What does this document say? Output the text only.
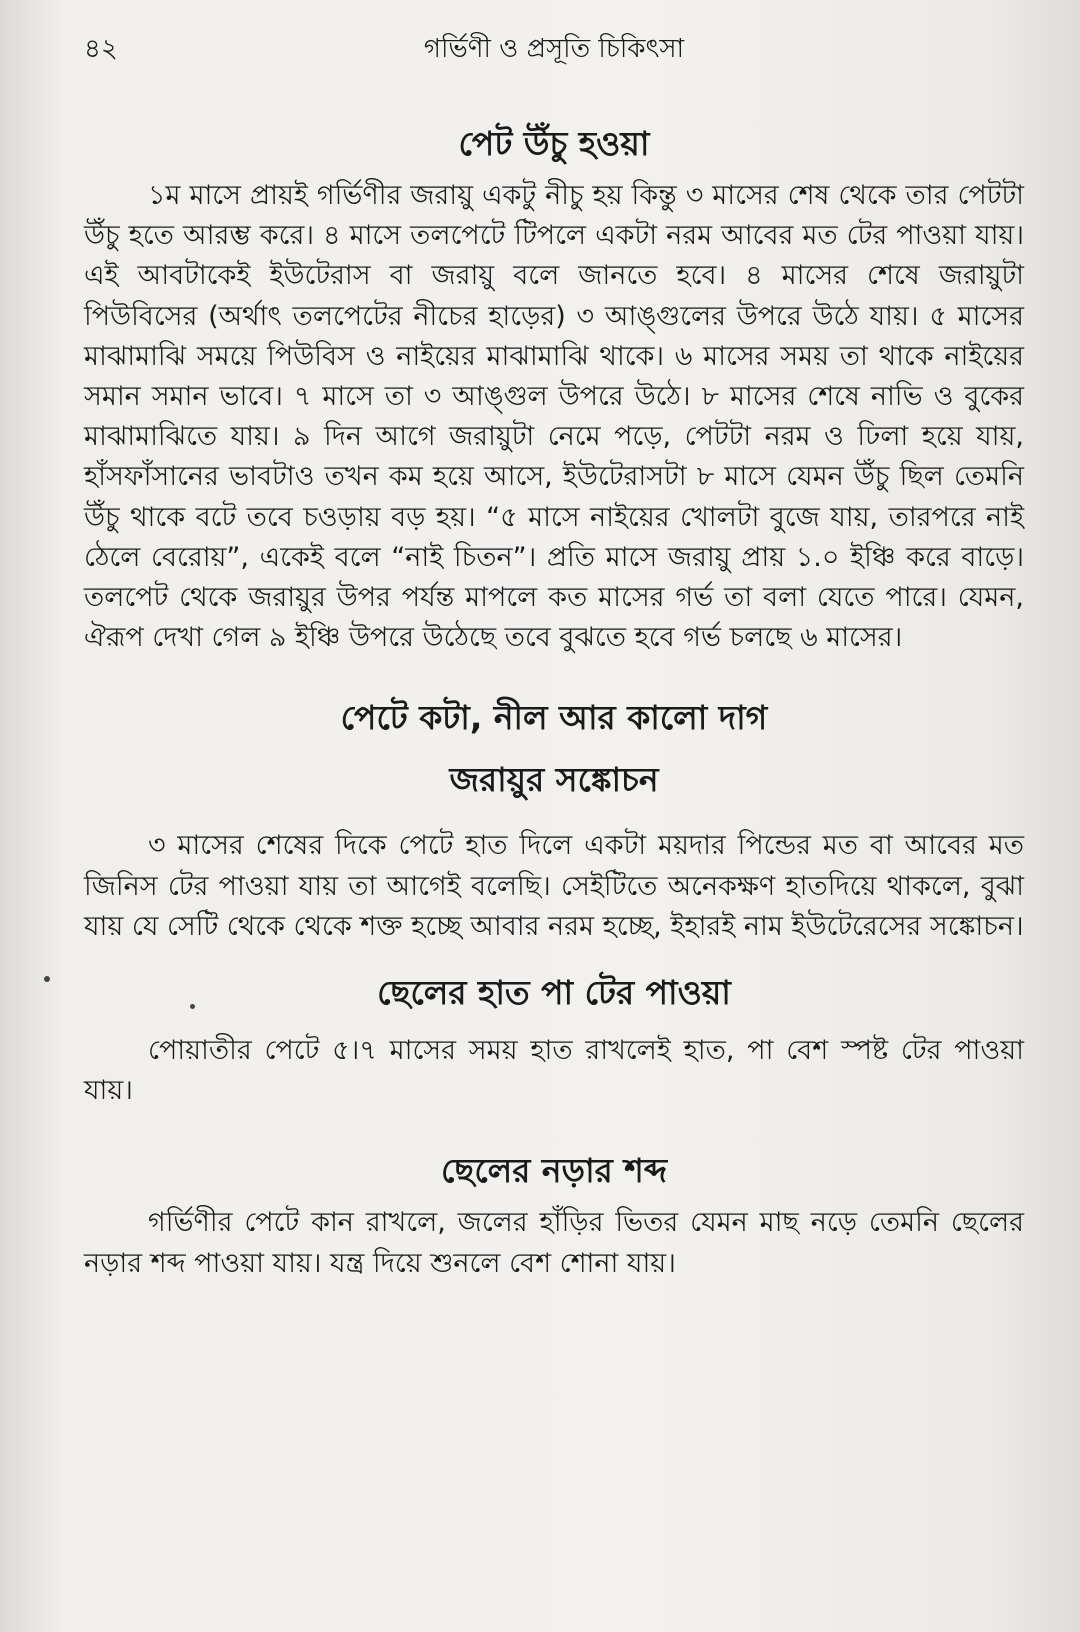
৪২	গর্ভিণী ও প্রসূতি চিকিৎসা
পেট উঁচু হওয়া

১ম মাসে প্রায়ই গর্ভিণীর জরায়ু একটু নীচু হয় কিন্তু ৩ মাসের শেষ থেকে তার পেটটা উঁচু হতে আরম্ভ করে। ৪ মাসে তলপেটে টিপলে একটা নরম আবের মত টের পাওয়া যায়। এই আবটাকেই ইউটেরাস বা জরায়ু বলে জানতে হবে। ৪ মাসের শেষে জরায়ুটা পিউবিসের (অর্থাৎ তলপেটের নীচের হাড়ের) ৩ আঙ্গুলের উপরে উঠে যায়। ৫ মাসের মাঝামাঝি সময়ে পিউবিস ও নাইয়ের মাঝামাঝি থাকে। ৬ মাসের সময় তা থাকে নাইয়ের সমান সমান ভাবে। ৭ মাসে তা ৩ আঙ্গুল উপরে উঠে। ৮ মাসের শেষে নাভি ও বুকের মাঝামাঝিতে যায়। ৯ দিন আগে জরায়ুটা নেমে পড়ে, পেটটা নরম ও ঢিলা হয়ে যায়, হাঁসফাঁসানের ভাবটাও তখন কম হয়ে আসে, ইউটেরাসটা ৮ মাসে যেমন উঁচু ছিল তেমনি উঁচু থাকে বটে তবে চওড়ায় বড় হয়। “৫ মাসে নাইয়ের খোলটা বুজে যায়, তারপরে নাই ঠেলে বেরোয়”, একেই বলে “নাই চিতন”। প্রতি মাসে জরায়ু প্রায় ১.০ ইঞ্চি করে বাড়ে। তলপেট থেকে জরায়ুর উপর পর্যন্ত মাপলে কত মাসের গর্ভ তা বলা যেতে পারে। যেমন, ঐরূপ দেখা গেল ৯ ইঞ্চি উপরে উঠেছে তবে বুঝতে হবে গর্ভ চলছে ৬ মাসের।

পেটে কটা, নীল আর কালো দাগ
জরায়ুর সঙ্কোচন

৩ মাসের শেষের দিকে পেটে হাত দিলে একটা ময়দার পিন্ডের মত বা আবের মত জিনিস টের পাওয়া যায় তা আগেই বলেছি। সেইটিতে অনেকক্ষণ হাতদিয়ে থাকলে, বুঝা যায় যে সেটি থেকে থেকে শক্ত হচ্ছে আবার নরম হচ্ছে, ইহারই নাম ইউটেরেসের সঙ্কোচন।

ছেলের হাত পা টের পাওয়া

পোয়াতীর পেটে ৫।৭ মাসের সময় হাত রাখলেই হাত, পা বেশ স্পষ্ট টের পাওয়া যায়।

ছেলের নড়ার শব্দ

গর্ভিণীর পেটে কান রাখলে, জলের হাঁড়ির ভিতর যেমন মাছ নড়ে তেমনি ছেলের নড়ার শব্দ পাওয়া যায়। যন্ত্র দিয়ে শুনলে বেশ শোনা যায়।
